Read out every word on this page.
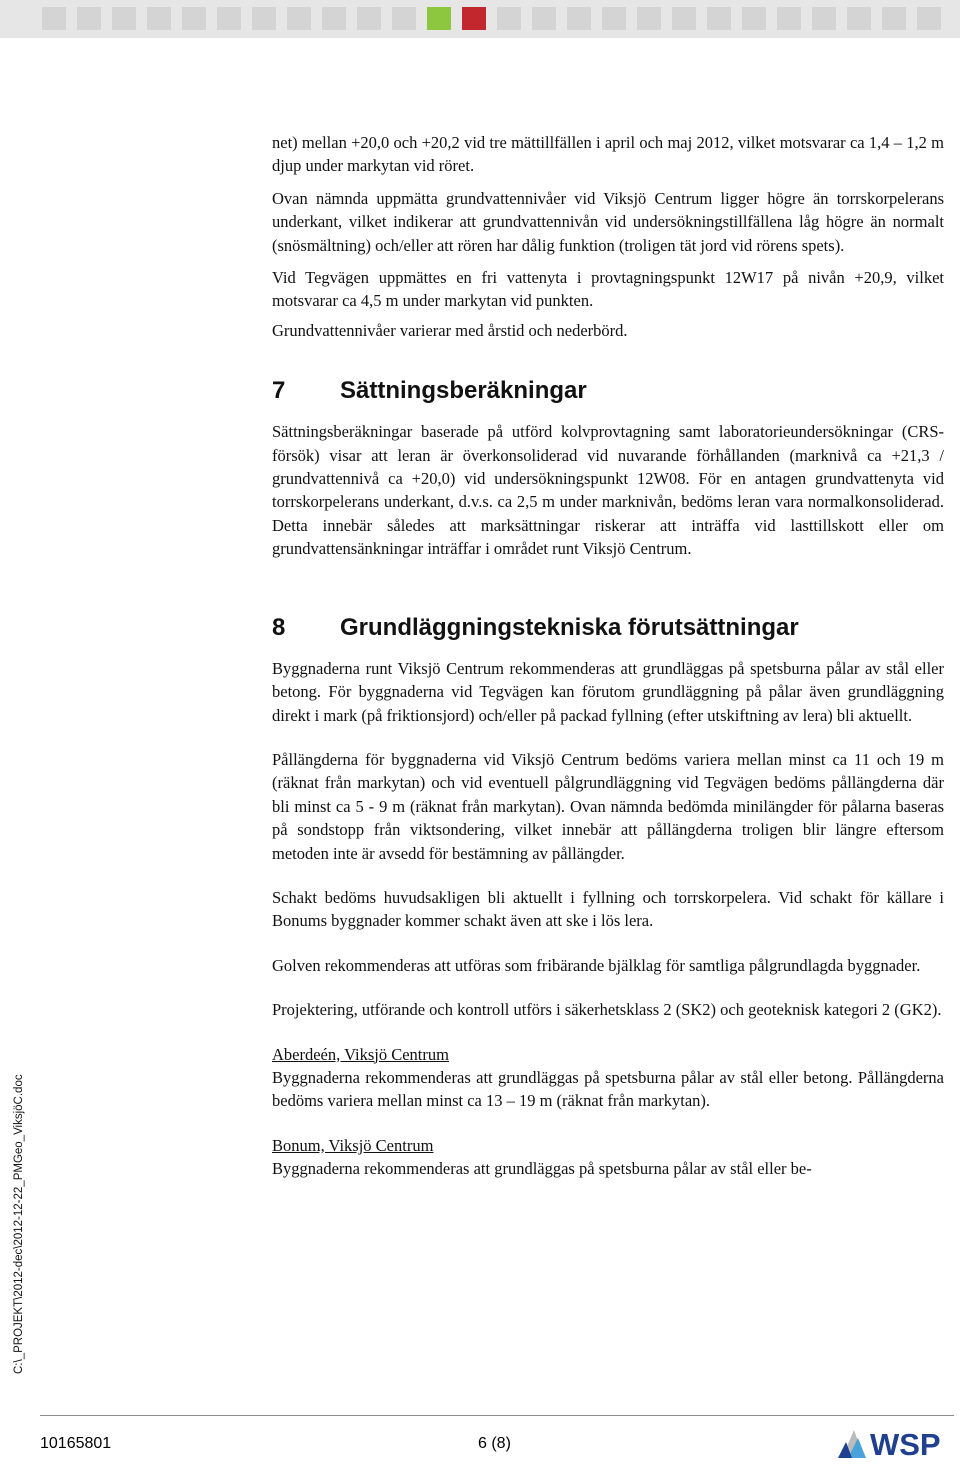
net) mellan +20,0 och +20,2 vid tre mättillfällen i april och maj 2012, vilket motsvarar ca 1,4 – 1,2 m djup under markytan vid röret.

Ovan nämnda uppmätta grundvattennivåer vid Viksjö Centrum ligger högre än torrskorpelerans underkant, vilket indikerar att grundvattennivån vid undersökningstillfällena låg högre än normalt (snösmältning) och/eller att rören har dålig funktion (troligen tät jord vid rörens spets).

Vid Tegvägen uppmättes en fri vattenyta i provtagningspunkt 12W17 på nivån +20,9, vilket motsvarar ca 4,5 m under markytan vid punkten.

Grundvattennivåer varierar med årstid och nederbörd.

7 Sättningsberäkningar

Sättningsberäkningar baserade på utförd kolvprovtagning samt laboratorieundersökningar (CRS-försök) visar att leran är överkonsoliderad vid nuvarande förhållanden (marknivå ca +21,3 / grundvattennivå ca +20,0) vid undersökningspunkt 12W08. För en antagen grundvattenyta vid torrskorpelerans underkant, d.v.s. ca 2,5 m under marknivån, bedöms leran vara normalkonsoliderad. Detta innebär således att marksättningar riskerar att inträffa vid lasttillskott eller om grundvattensänkningar inträffar i området runt Viksjö Centrum.

8 Grundläggningstekniska förutsättningar

Byggnaderna runt Viksjö Centrum rekommenderas att grundläggas på spetsburna pålar av stål eller betong. För byggnaderna vid Tegvägen kan förutom grundläggning på pålar även grundläggning direkt i mark (på friktionsjord) och/eller på packad fyllning (efter utskiftning av lera) bli aktuellt.

Pållängderna för byggnaderna vid Viksjö Centrum bedöms variera mellan minst ca 11 och 19 m (räknat från markytan) och vid eventuell pålgrundläggning vid Tegvägen bedöms pållängderna där bli minst ca 5 - 9 m (räknat från markytan). Ovan nämnda bedömda minilängder för pålarna baseras på sondstopp från viktsondering, vilket innebär att pållängderna troligen blir längre eftersom metoden inte är avsedd för bestämning av pållängder.

Schakt bedöms huvudsakligen bli aktuellt i fyllning och torrskorpelera. Vid schakt för källare i Bonums byggnader kommer schakt även att ske i lös lera.

Golven rekommenderas att utföras som fribärande bjälklag för samtliga pålgrundlagda byggnader.

Projektering, utförande och kontroll utförs i säkerhetsklass 2 (SK2) och geoteknisk kategori 2 (GK2).

Aberdeén, Viksjö Centrum

Byggnaderna rekommenderas att grundläggas på spetsburna pålar av stål eller betong. Pållängderna bedöms variera mellan minst ca 13 – 19 m (räknat från markytan).

Bonum, Viksjö Centrum

Byggnaderna rekommenderas att grundläggas på spetsburna pålar av stål eller be-

C:\_PROJEKT\2012-dec\2012-12-22_PMGeo_ViksjöC.doc
10165801	6 (8)	WSP
